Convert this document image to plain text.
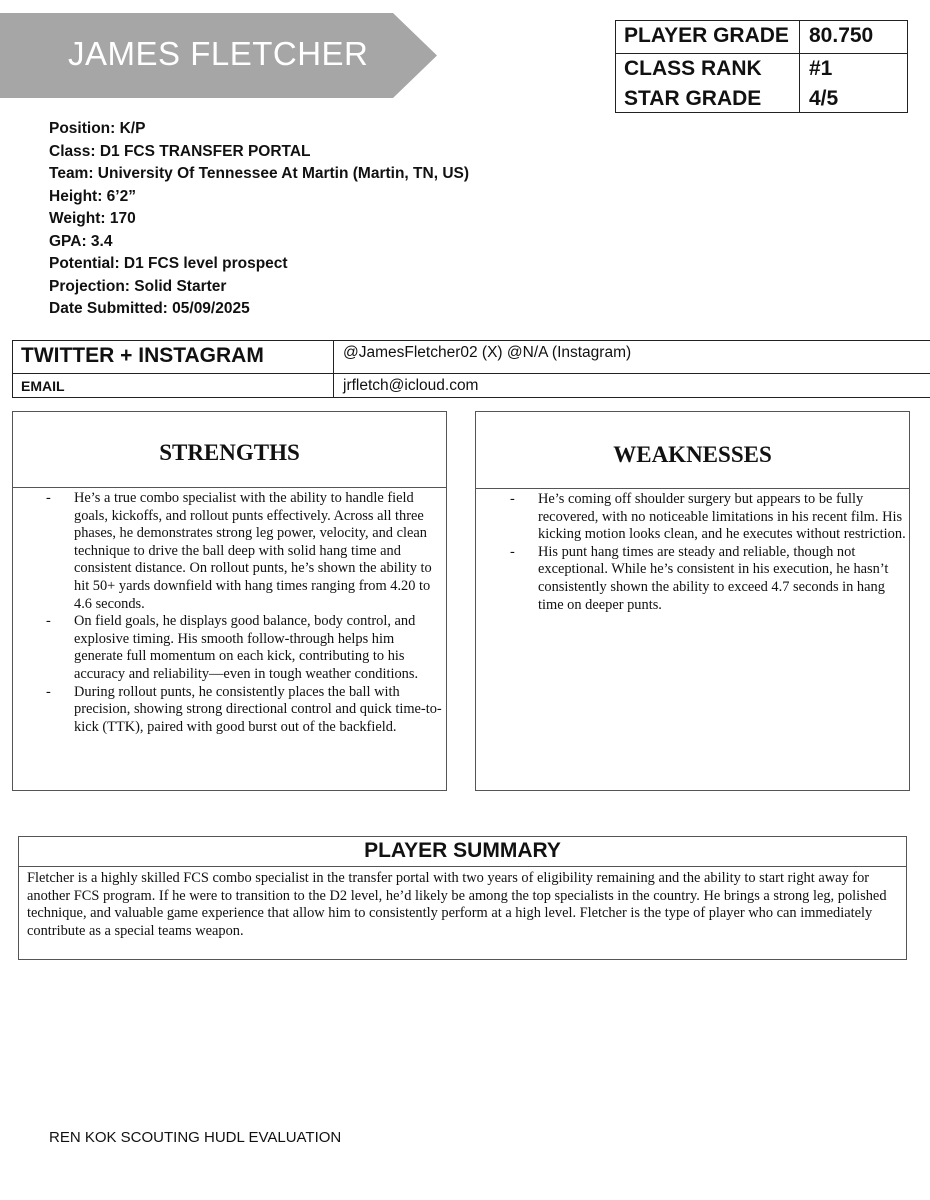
JAMES FLETCHER	PLAYER GRADE 80.750
CLASS RANK #1
STAR GRADE 4/5
Position: K/P
Class: D1 FCS TRANSFER PORTAL
Team: University Of Tennessee At Martin (Martin, TN, US)
Height: 6’2”
Weight: 170
GPA: 3.4
Potential: D1 FCS level prospect
Projection: Solid Starter
Date Submitted: 05/09/2025
TWITTER + INSTAGRAM	@JamesFletcher02 (X) @N/A (Instagram)
EMAIL	jrfletch@icloud.com
STRENGTHS
- He’s a true combo specialist with the ability to handle field goals, kickoffs, and rollout punts effectively. Across all three phases, he demonstrates strong leg power, velocity, and clean technique to drive the ball deep with solid hang time and consistent distance. On rollout punts, he’s shown the ability to hit 50+ yards downfield with hang times ranging from 4.20 to 4.6 seconds.
- On field goals, he displays good balance, body control, and explosive timing. His smooth follow-through helps him generate full momentum on each kick, contributing to his accuracy and reliability—even in tough weather conditions.
- During rollout punts, he consistently places the ball with precision, showing strong directional control and quick time-to-kick (TTK), paired with good burst out of the backfield.
WEAKNESSES
- He’s coming off shoulder surgery but appears to be fully recovered, with no noticeable limitations in his recent film. His kicking motion looks clean, and he executes without restriction.
- His punt hang times are steady and reliable, though not exceptional. While he’s consistent in his execution, he hasn’t consistently shown the ability to exceed 4.7 seconds in hang time on deeper punts.
PLAYER SUMMARY
Fletcher is a highly skilled FCS combo specialist in the transfer portal with two years of eligibility remaining and the ability to start right away for another FCS program. If he were to transition to the D2 level, he’d likely be among the top specialists in the country. He brings a strong leg, polished technique, and valuable game experience that allow him to consistently perform at a high level. Fletcher is the type of player who can immediately contribute as a special teams weapon.
REN KOK SCOUTING HUDL EVALUATION
